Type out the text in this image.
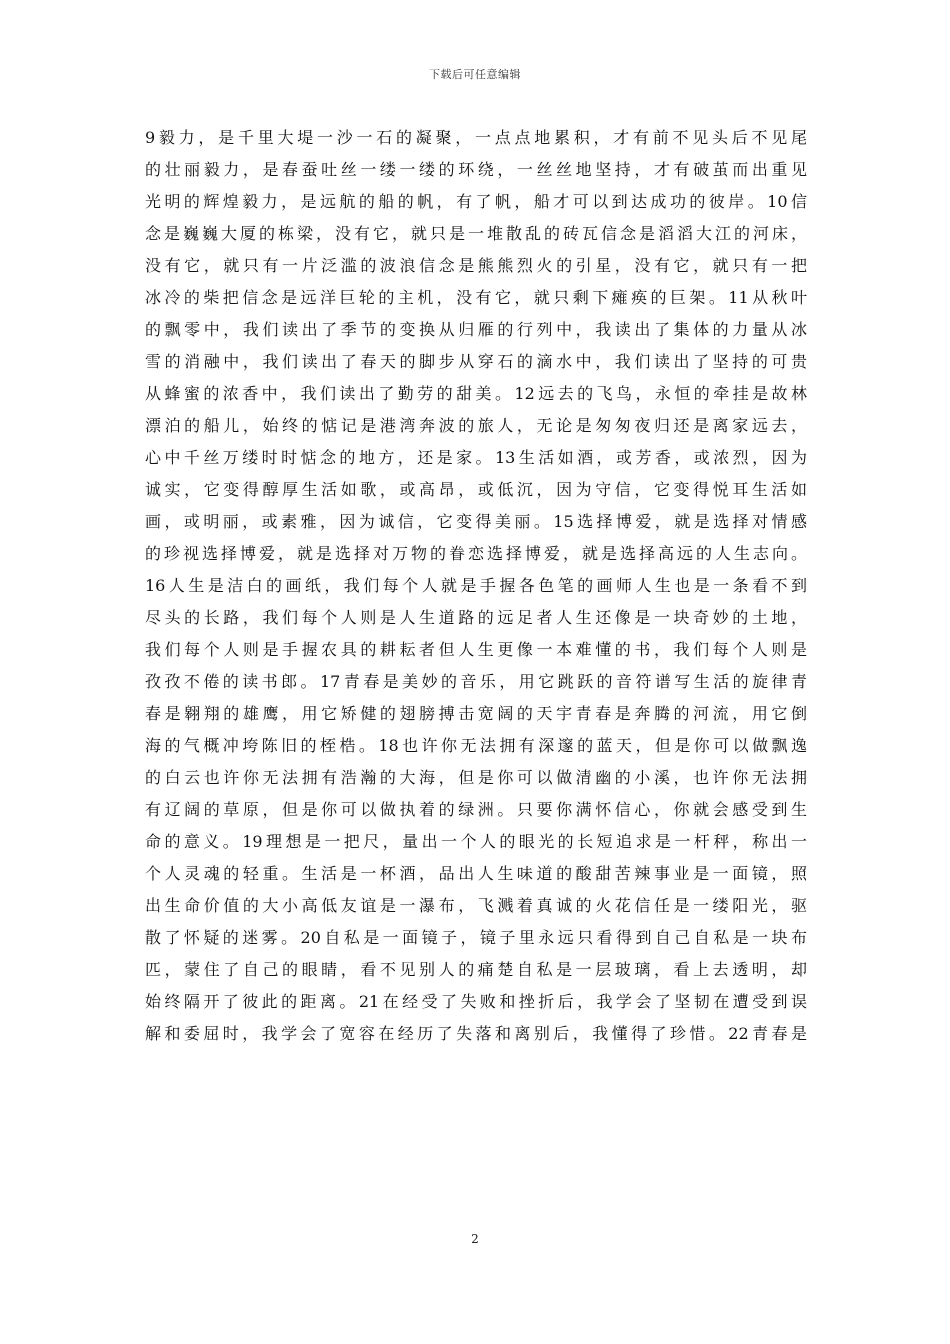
下载后可任意编辑
9毅力，是千里大堤一沙一石的凝聚，一点点地累积，才有前不见头后不见尾
的壮丽毅力，是春蚕吐丝一缕一缕的环绕，一丝丝地坚持，才有破茧而出重见
光明的辉煌毅力，是远航的船的帆，有了帆，船才可以到达成功的彼岸。10信
念是巍巍大厦的栋梁，没有它，就只是一堆散乱的砖瓦信念是滔滔大江的河床，
没有它，就只有一片泛滥的波浪信念是熊熊烈火的引星，没有它，就只有一把
冰冷的柴把信念是远洋巨轮的主机，没有它，就只剩下瘫痪的巨架。11从秋叶
的飘零中，我们读出了季节的变换从归雁的行列中，我读出了集体的力量从冰
雪的消融中，我们读出了春天的脚步从穿石的滴水中，我们读出了坚持的可贵
从蜂蜜的浓香中，我们读出了勤劳的甜美。12远去的飞鸟，永恒的牵挂是故林
漂泊的船儿，始终的惦记是港湾奔波的旅人，无论是匆匆夜归还是离家远去，
心中千丝万缕时时惦念的地方，还是家。13生活如酒，或芳香，或浓烈，因为
诚实，它变得醇厚生活如歌，或高昂，或低沉，因为守信，它变得悦耳生活如
画，或明丽，或素雅，因为诚信，它变得美丽。15选择博爱，就是选择对情感
的珍视选择博爱，就是选择对万物的眷恋选择博爱，就是选择高远的人生志向。
16人生是洁白的画纸，我们每个人就是手握各色笔的画师人生也是一条看不到
尽头的长路，我们每个人则是人生道路的远足者人生还像是一块奇妙的土地，
我们每个人则是手握农具的耕耘者但人生更像一本难懂的书，我们每个人则是
孜孜不倦的读书郎。17青春是美妙的音乐，用它跳跃的音符谱写生活的旋律青
春是翱翔的雄鹰，用它矫健的翅膀搏击宽阔的天宇青春是奔腾的河流，用它倒
海的气概冲垮陈旧的桎梏。18也许你无法拥有深邃的蓝天，但是你可以做飘逸
的白云也许你无法拥有浩瀚的大海，但是你可以做清幽的小溪，也许你无法拥
有辽阔的草原，但是你可以做执着的绿洲。只要你满怀信心，你就会感受到生
命的意义。19理想是一把尺，量出一个人的眼光的长短追求是一杆秤，称出一
个人灵魂的轻重。生活是一杯酒，品出人生味道的酸甜苦辣事业是一面镜，照
出生命价值的大小高低友谊是一瀑布，飞溅着真诚的火花信任是一缕阳光，驱
散了怀疑的迷雾。20自私是一面镜子，镜子里永远只看得到自己自私是一块布
匹，蒙住了自己的眼睛，看不见别人的痛楚自私是一层玻璃，看上去透明，却
始终隔开了彼此的距离。21在经受了失败和挫折后，我学会了坚韧在遭受到误
解和委屈时，我学会了宽容在经历了失落和离别后，我懂得了珍惜。22青春是
2
